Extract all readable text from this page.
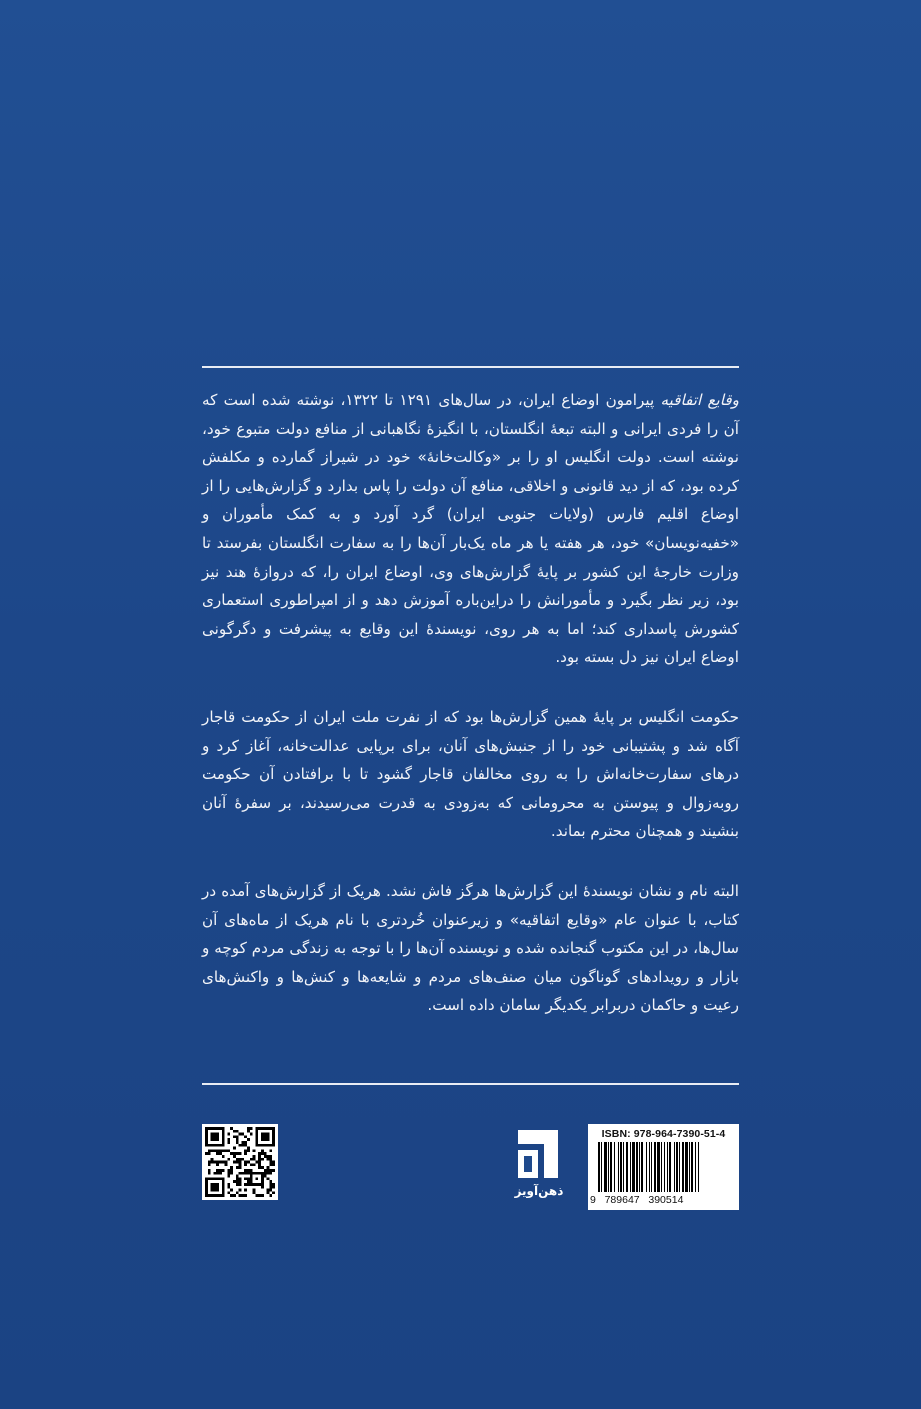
وقایع اتفاقیه پیرامون اوضاع ایران، در سال‌های ۱۲۹۱ تا ۱۳۲۲، نوشته شده است که آن را فردی ایرانی و البته تبعهٔ انگلستان، با انگیزهٔ نگاهبانی از منافع دولت متبوع خود، نوشته است. دولت انگلیس او را بر «وکالت‌خانهٔ» خود در شیراز گمارده و مکلفش کرده بود، که از دید قانونی و اخلاقی، منافع آن دولت را پاس بدارد و گزارش‌هایی را از اوضاع اقلیم فارس (ولایات جنوبی ایران) گرد آورد و به کمک مأموران و «خفیه‌نویسان» خود، هر هفته یا هر ماه یک‌بار آن‌ها را به سفارت انگلستان بفرستد تا وزارت خارجهٔ این کشور بر پایهٔ گزارش‌های وی، اوضاع ایران را، که دروازهٔ هند نیز بود، زیر نظر بگیرد و مأمورانش را دراین‌باره آموزش دهد و از امپراطوری استعماری کشورش پاسداری کند؛ اما به هر روی، نویسندهٔ این وقایع به پیشرفت و دگرگونی اوضاع ایران نیز دل بسته بود.

حکومت انگلیس بر پایهٔ همین گزارش‌ها بود که از نفرت ملت ایران از حکومت قاجار آگاه شد و پشتیبانی خود را از جنبش‌های آنان، برای برپایی عدالت‌خانه، آغاز کرد و درهای سفارت‌خانه‌اش را به روی مخالفان قاجار گشود تا با برافتادن آن حکومت روبه‌زوال و پیوستن به محرومانی که به‌زودی به قدرت می‌رسیدند، بر سفرهٔ آنان بنشیند و همچنان محترم بماند.

البته نام و نشان نویسندهٔ این گزارش‌ها هرگز فاش نشد. هریک از گزارش‌های آمده در کتاب، با عنوان عام «وقایع اتفاقیه» و زیرعنوان خُردتری با نام هریک از ماه‌های آن سال‌ها، در این مکتوب گنجانده شده و نویسنده آن‌ها را با توجه به زندگی مردم کوچه و بازار و رویدادهای گوناگون میان صنف‌های مردم و شایعه‌ها و کنش‌ها و واکنش‌های رعیت و حاکمان دربرابر یکدیگر سامان داده است.

ذهن‌آویز
ISBN: 978-964-7390-51-4
9   789647   390514
